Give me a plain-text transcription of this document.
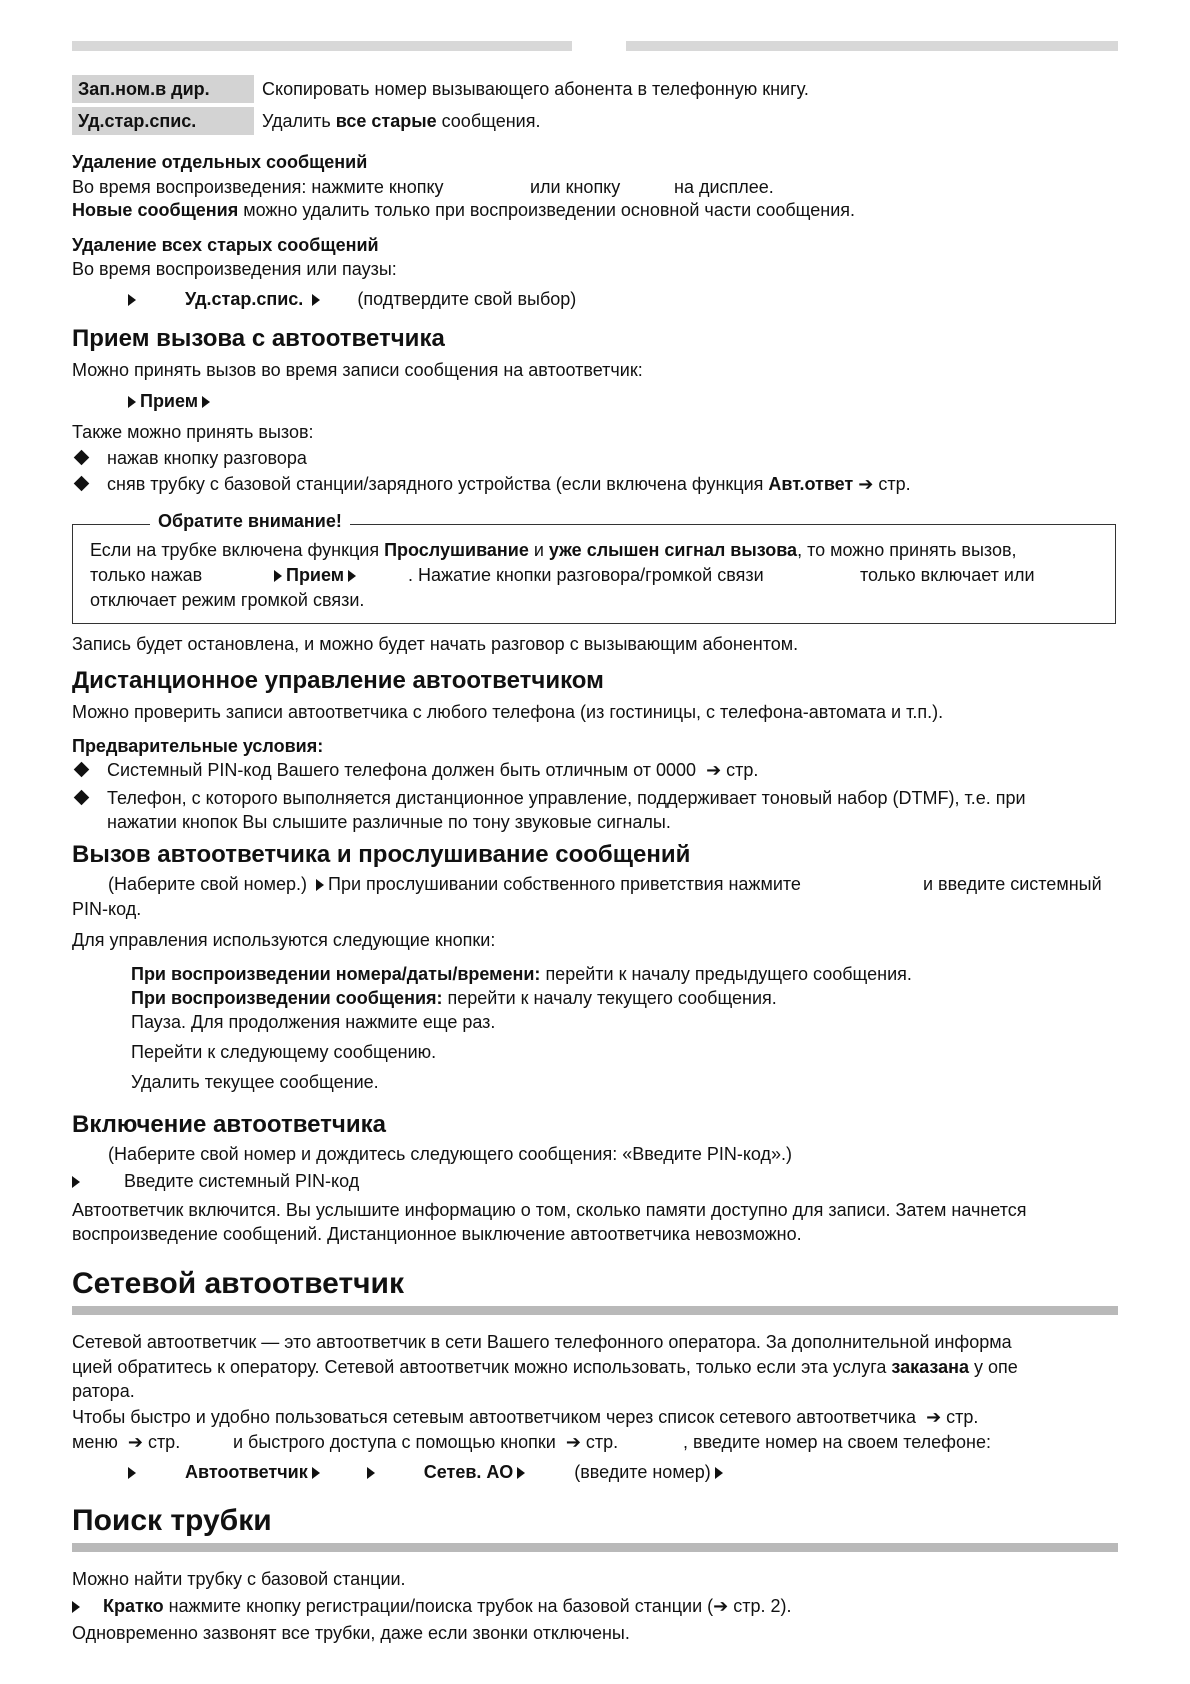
Зап.ном.в дир.	Скопировать номер вызывающего абонента в телефонную книгу.
Уд.стар.спис.	Удалить все старые сообщения.
Удаление отдельных сообщений
Во время воспроизведения: нажмите кнопку	или кнопку	на дисплее.
Новые сообщения можно удалить только при воспроизведении основной части сообщения.
Удаление всех старых сообщений
Во время воспроизведения или паузы:
Уд.стар.спис.	(подтвердите свой выбор)
Прием вызова с автоответчика
Можно принять вызов во время записи сообщения на автоответчик:
Прием
Также можно принять вызов:
нажав кнопку разговора
сняв трубку с базовой станции/зарядного устройства (если включена функция Авт.ответ ➔ стр.
Обратите внимание!
Если на трубке включена функция Прослушивание и уже слышен сигнал вызова, то можно принять вызов,
только нажав	Прием	. Нажатие кнопки разговора/громкой связи	только включает или
отключает режим громкой связи.
Запись будет остановлена, и можно будет начать разговор с вызывающим абонентом.
Дистанционное управление автоответчиком
Можно проверить записи автоответчика с любого телефона (из гостиницы, с телефона-автомата и т.п.).
Предварительные условия:
Системный PIN-код Вашего телефона должен быть отличным от 0000 ➔ стр.
Телефон, с которого выполняется дистанционное управление, поддерживает тоновый набор (DTMF), т.е. при
нажатии кнопок Вы слышите различные по тону звуковые сигналы.
Вызов автоответчика и прослушивание сообщений
(Наберите свой номер.) При прослушивании собственного приветствия нажмите	и введите системный
PIN-код.
Для управления используются следующие кнопки:
При воспроизведении номера/даты/времени: перейти к началу предыдущего сообщения.
При воспроизведении сообщения: перейти к началу текущего сообщения.
Пауза. Для продолжения нажмите еще раз.
Перейти к следующему сообщению.
Удалить текущее сообщение.
Включение автоответчика
(Наберите свой номер и дождитесь следующего сообщения: «Введите PIN-код».)
Введите системный PIN-код
Автоответчик включится. Вы услышите информацию о том, сколько памяти доступно для записи. Затем начнется
воспроизведение сообщений. Дистанционное выключение автоответчика невозможно.
Сетевой автоответчик
Сетевой автоответчик — это автоответчик в сети Вашего телефонного оператора. За дополнительной информа
цией обратитесь к оператору. Сетевой автоответчик можно использовать, только если эта услуга заказана у опе
ратора.
Чтобы быстро и удобно пользоваться сетевым автоответчиком через список сетевого автоответчика ➔ стр.
меню ➔ стр.	и быстрого доступа с помощью кнопки ➔ стр.	, введите номер на своем телефоне:
Автоответчик	Сетев. АО	(введите номер)
Поиск трубки
Можно найти трубку с базовой станции.
Кратко нажмите кнопку регистрации/поиска трубок на базовой станции (➔ стр. 2).
Одновременно зазвонят все трубки, даже если звонки отключены.
